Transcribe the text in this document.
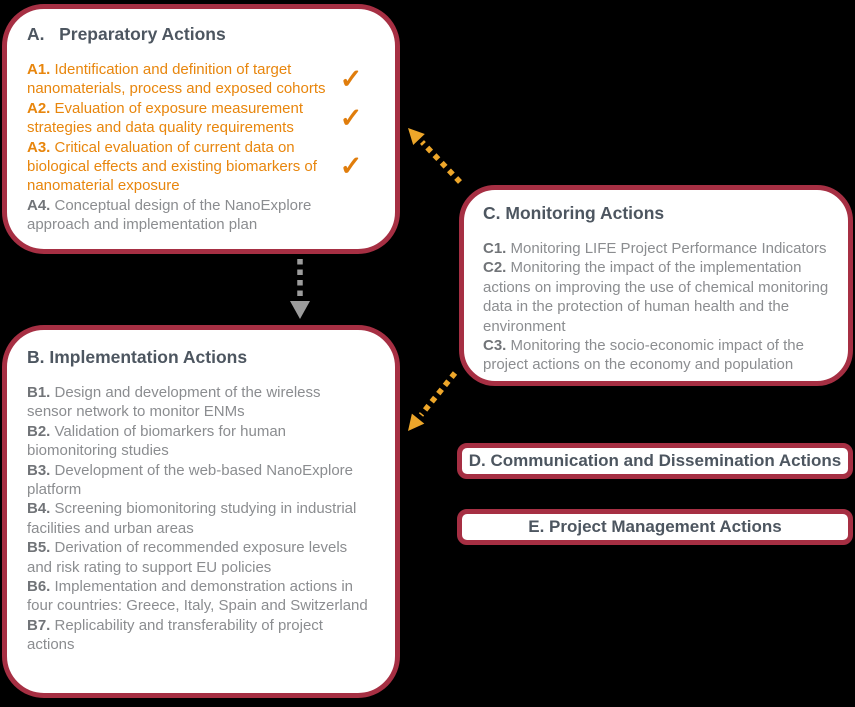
A.   Preparatory Actions
A1. Identification and definition of target nanomaterials, process and exposed cohorts ✓
A2. Evaluation of exposure measurement strategies and data quality requirements	✓
A3. Critical evaluation of current data on biological effects and existing biomarkers of nanomaterial exposure
✓
A4. Conceptual design of the NanoExplore approach and implementation plan
B. Implementation Actions
B1. Design and development of the wireless sensor network to monitor ENMs
B2. Validation of biomarkers for human biomonitoring studies
B3. Development of the web-based NanoExplore platform
B4. Screening biomonitoring studying in industrial facilities and urban areas
B5. Derivation of recommended exposure levels and risk rating to support EU policies
B6. Implementation and demonstration actions in four countries: Greece, Italy, Spain and Switzerland
B7. Replicability and transferability of project actions
C. Monitoring Actions
C1. Monitoring LIFE Project Performance Indicators
C2. Monitoring the impact of the implementation actions on improving the use of chemical monitoring data in the protection of human health and the environment
C3. Monitoring the socio-economic impact of the project actions on the economy and population
D. Communication and Dissemination Actions
E. Project Management Actions
